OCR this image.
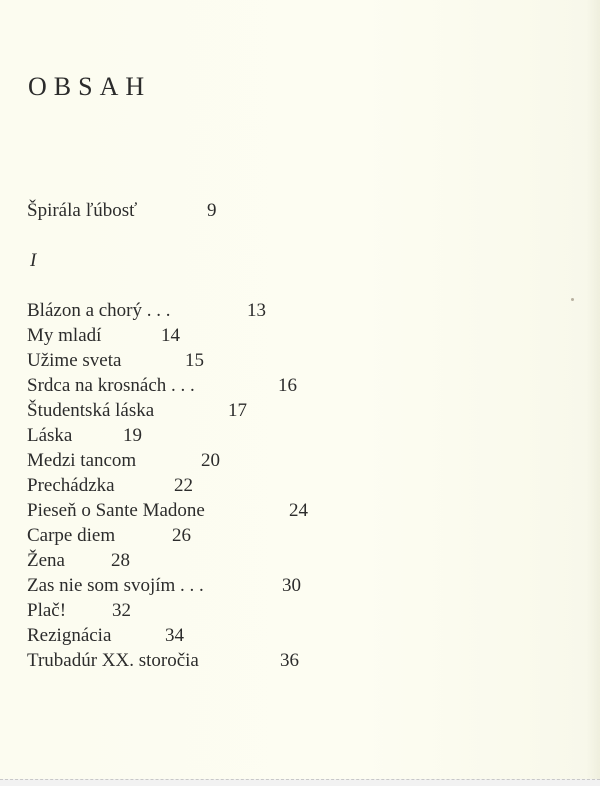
OBSAH
Špirála ľúbosť	9
I
Blázon a chorý . . .	13
My mladí	14
Užime sveta	15
Srdca na krosnách . . .	16
Študentská láska	17
Láska	19
Medzi tancom	20
Prechádzka	22
Pieseň o Sante Madone	24
Carpe diem	26
Žena 28
Zas nie som svojím . . .	30
Plač! 32
Rezignácia	34
Trubadúr XX. storočia	36
